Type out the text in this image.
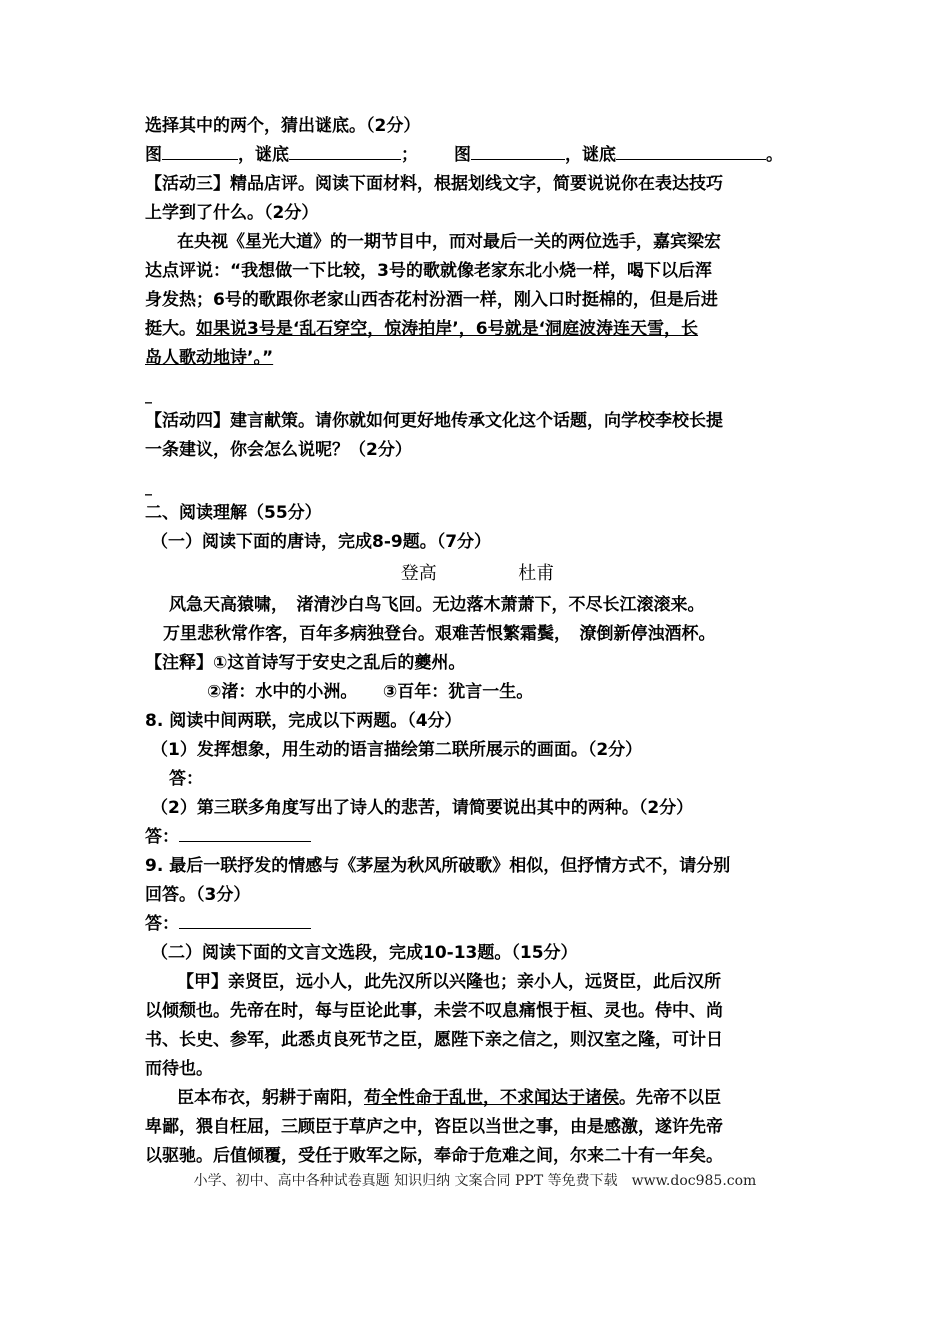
选择其中的两个，猜出谜底。（2分）
图	，谜底	； 图	，谜底	。
【活动三】精品店评。阅读下面材料，根据划线文字，简要说说你在表达技巧
上学到了什么。（2分）
在央视《星光大道》的一期节目中，而对最后一关的两位选手，嘉宾梁宏
达点评说：“我想做一下比较，3号的歌就像老家东北小烧一样，喝下以后浑
身发热；6号的歌跟你老家山西杏花村汾酒一样，刚入口时挺棉的，但是后进
挺大。如果说3号是‘乱石穿空，惊涛拍岸’，6号就是‘洞庭波涛连天雪，长
岛人歌动地诗’。”
_
【活动四】建言献策。请你就如何更好地传承文化这个话题，向学校李校长提
一条建议，你会怎么说呢？（2分）
_
二、阅读理解（55分）
（一）阅读下面的唐诗，完成8-9题。（7分）
登高	杜甫
风急天高猿啸，　渚清沙白鸟飞回。无边落木萧萧下，不尽长江滚滚来。
万里悲秋常作客，百年多病独登台。艰难苦恨繁霜鬓，　潦倒新停浊酒杯。
【注释】①这首诗写于安史之乱后的夔州。
②渚：水中的小洲。　　③百年：犹言一生。
8. 阅读中间两联，完成以下两题。（4分）
（1）发挥想象，用生动的语言描绘第二联所展示的画面。（2分）
答：
（2）第三联多角度写出了诗人的悲苦，请简要说出其中的两种。（2分）
答：
9. 最后一联抒发的情感与《茅屋为秋风所破歌》相似，但抒情方式不，请分别
回答。（3分）
答：
（二）阅读下面的文言文选段，完成10-13题。（15分）
【甲】亲贤臣，远小人，此先汉所以兴隆也；亲小人，远贤臣，此后汉所
以倾颓也。先帝在时，每与臣论此事，未尝不叹息痛恨于桓、灵也。侍中、尚
书、长史、参军，此悉贞良死节之臣，愿陛下亲之信之，则汉室之隆，可计日
而待也。
臣本布衣，躬耕于南阳，苟全性命于乱世，不求闻达于诸侯。先帝不以臣
卑鄙，猥自枉屈，三顾臣于草庐之中，咨臣以当世之事，由是感激，遂许先帝
以驱驰。后值倾覆，受任于败军之际，奉命于危难之间，尔来二十有一年矣。
小学、初中、高中各种试卷真题 知识归纳 文案合同 PPT 等免费下载　www.doc985.com
